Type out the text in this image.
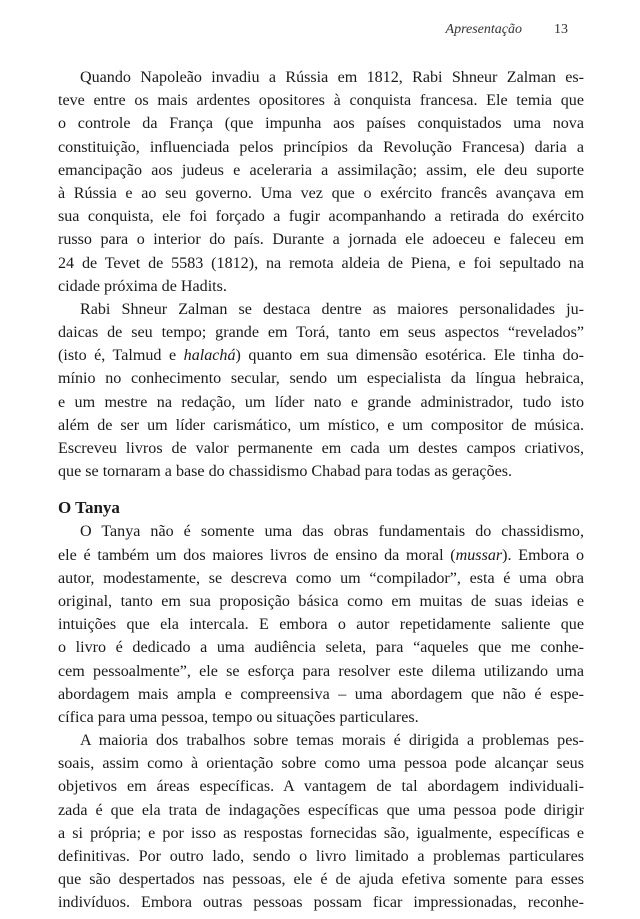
Apresentação 13
Quando Napoleão invadiu a Rússia em 1812, Rabi Shneur Zalman es-
teve entre os mais ardentes opositores à conquista francesa. Ele temia que
o controle da França (que impunha aos países conquistados uma nova
constituição, influenciada pelos princípios da Revolução Francesa) daria a
emancipação aos judeus e aceleraria a assimilação; assim, ele deu suporte
à Rússia e ao seu governo. Uma vez que o exército francês avançava em
sua conquista, ele foi forçado a fugir acompanhando a retirada do exército
russo para o interior do país. Durante a jornada ele adoeceu e faleceu em
24 de Tevet de 5583 (1812), na remota aldeia de Piena, e foi sepultado na
cidade próxima de Hadits.
Rabi Shneur Zalman se destaca dentre as maiores personalidades ju-
daicas de seu tempo; grande em Torá, tanto em seus aspectos “revelados”
(isto é, Talmud e halachá) quanto em sua dimensão esotérica. Ele tinha do-
mínio no conhecimento secular, sendo um especialista da língua hebraica,
e um mestre na redação, um líder nato e grande administrador, tudo isto
além de ser um líder carismático, um místico, e um compositor de música.
Escreveu livros de valor permanente em cada um destes campos criativos,
que se tornaram a base do chassidismo Chabad para todas as gerações.
O Tanya
O Tanya não é somente uma das obras fundamentais do chassidismo,
ele é também um dos maiores livros de ensino da moral (mussar). Embora o
autor, modestamente, se descreva como um “compilador”, esta é uma obra
original, tanto em sua proposição básica como em muitas de suas ideias e
intuições que ela intercala. E embora o autor repetidamente saliente que
o livro é dedicado a uma audiência seleta, para “aqueles que me conhe-
cem pessoalmente”, ele se esforça para resolver este dilema utilizando uma
abordagem mais ampla e compreensiva – uma abordagem que não é espe-
cífica para uma pessoa, tempo ou situações particulares.
A maioria dos trabalhos sobre temas morais é dirigida a problemas pes-
soais, assim como à orientação sobre como uma pessoa pode alcançar seus
objetivos em áreas específicas. A vantagem de tal abordagem individuali-
zada é que ela trata de indagações específicas que uma pessoa pode dirigir
a si própria; e por isso as respostas fornecidas são, igualmente, específicas e
definitivas. Por outro lado, sendo o livro limitado a problemas particulares
que são despertados nas pessoas, ele é de ajuda efetiva somente para esses
indivíduos. Embora outras pessoas possam ficar impressionadas, reconhe-
